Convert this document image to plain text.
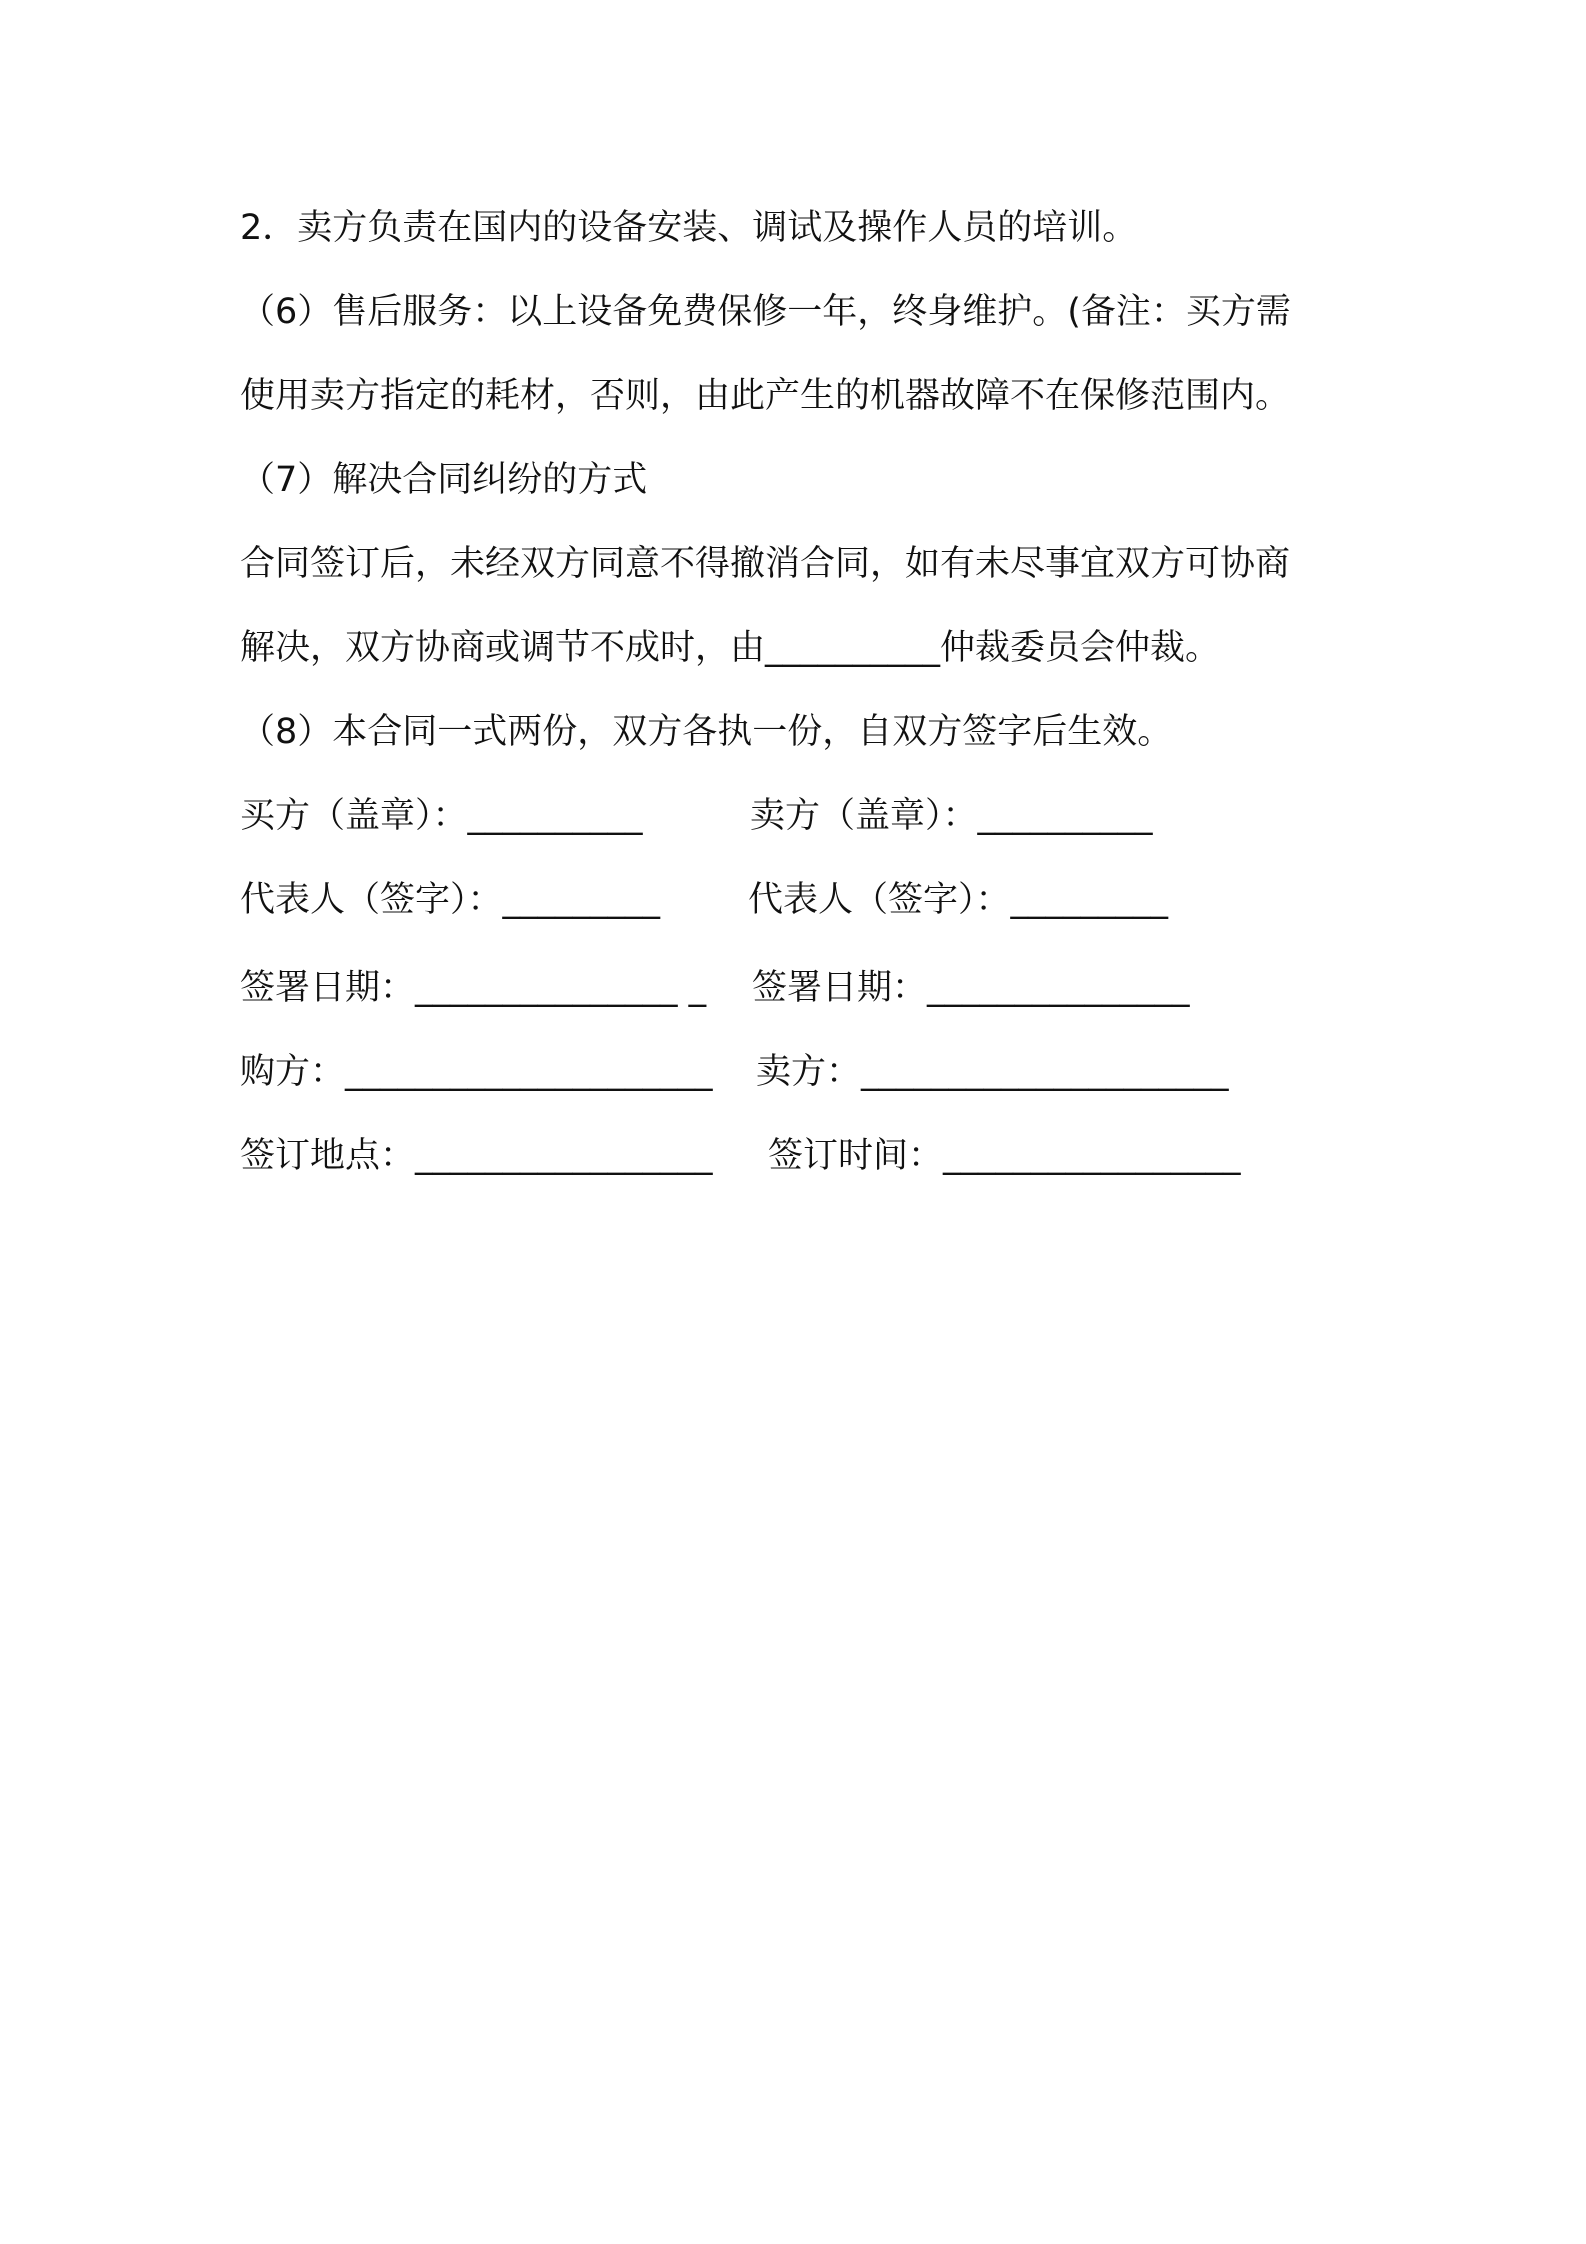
2．卖方负责在国内的设备安装、调试及操作人员的培训。
（6）售后服务：以上设备免费保修一年，终身维护。(备注：买方需
使用卖方指定的耗材，否则，由此产生的机器故障不在保修范围内。
（7）解决合同纠纷的方式
合同签订后，未经双方同意不得撤消合同，如有未尽事宜双方可协商
解决，双方协商或调节不成时，由__________仲裁委员会仲裁。
（8）本合同一式两份，双方各执一份，自双方签字后生效。
买方（盖章）：__________	卖方（盖章）：__________
代表人（签字）：_________	代表人（签字）：_________
签署日期：_______________ _ 签署日期：_______________
购方：_____________________ 卖方：_____________________
签订地点：_________________ 签订时间：_________________
